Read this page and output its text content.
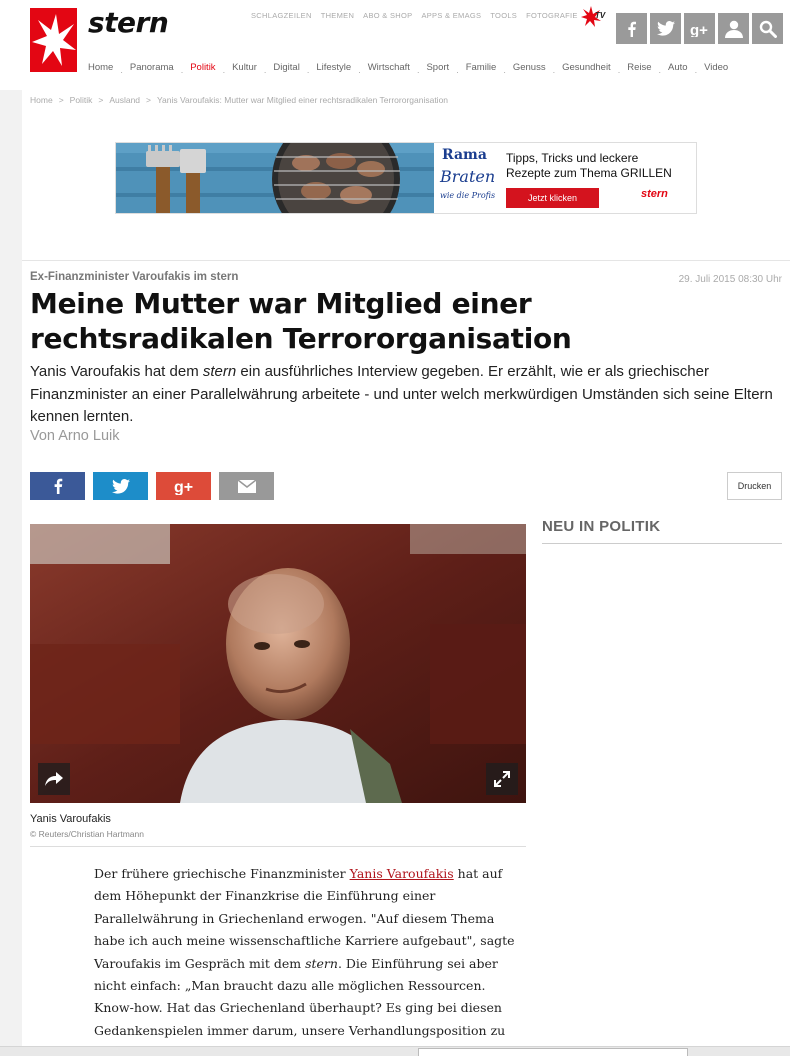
stern	SCHLAGZEILEN THEMEN ABO & SHOP APPS & EMAGS TOOLS FOTOGRAFIE TV
g+
Home . Panorama . Politik . Kultur . Digital . Lifestyle . Wirtschaft . Sport . Familie . Genuss . Gesundheit . Reise . Auto . Video
Home > Politik > Ausland > Yanis Varoufakis: Mutter war Mitglied einer rechtsradikalen Terrororganisation
Rama
Braten
wie die Profis
Tipps, Tricks und leckere Rezepte zum Thema GRILLEN
Jetzt klicken	stern
Ex-Finanzminister Varoufakis im stern	29. Juli 2015 08:30 Uhr
Meine Mutter war Mitglied einer rechtsradikalen Terrororganisation

Yanis Varoufakis hat dem stern ein ausführliches Interview gegeben. Er erzählt, wie er als griechischer Finanzminister an einer Parallelwährung arbeitete - und unter welch merkwürdigen Umständen sich seine Eltern kennen lernten.

Von Arno Luik
g+	Drucken
Yanis Varoufakis
© Reuters/Christian Hartmann

Der frühere griechische Finanzminister Yanis Varoufakis hat auf dem Höhepunkt der Finanzkrise die Einführung einer Parallelwährung in Griechenland erwogen. "Auf diesem Thema habe ich auch meine wissenschaftliche Karriere aufgebaut", sagte Varoufakis im Gespräch mit dem stern. Die Einführung sei aber nicht einfach: „Man braucht dazu alle möglichen Ressourcen. Know-how. Hat das Griechenland überhaupt? Es ging bei diesen Gedankenspielen immer darum, unsere Verhandlungsposition zu

NEU IN POLITIK
